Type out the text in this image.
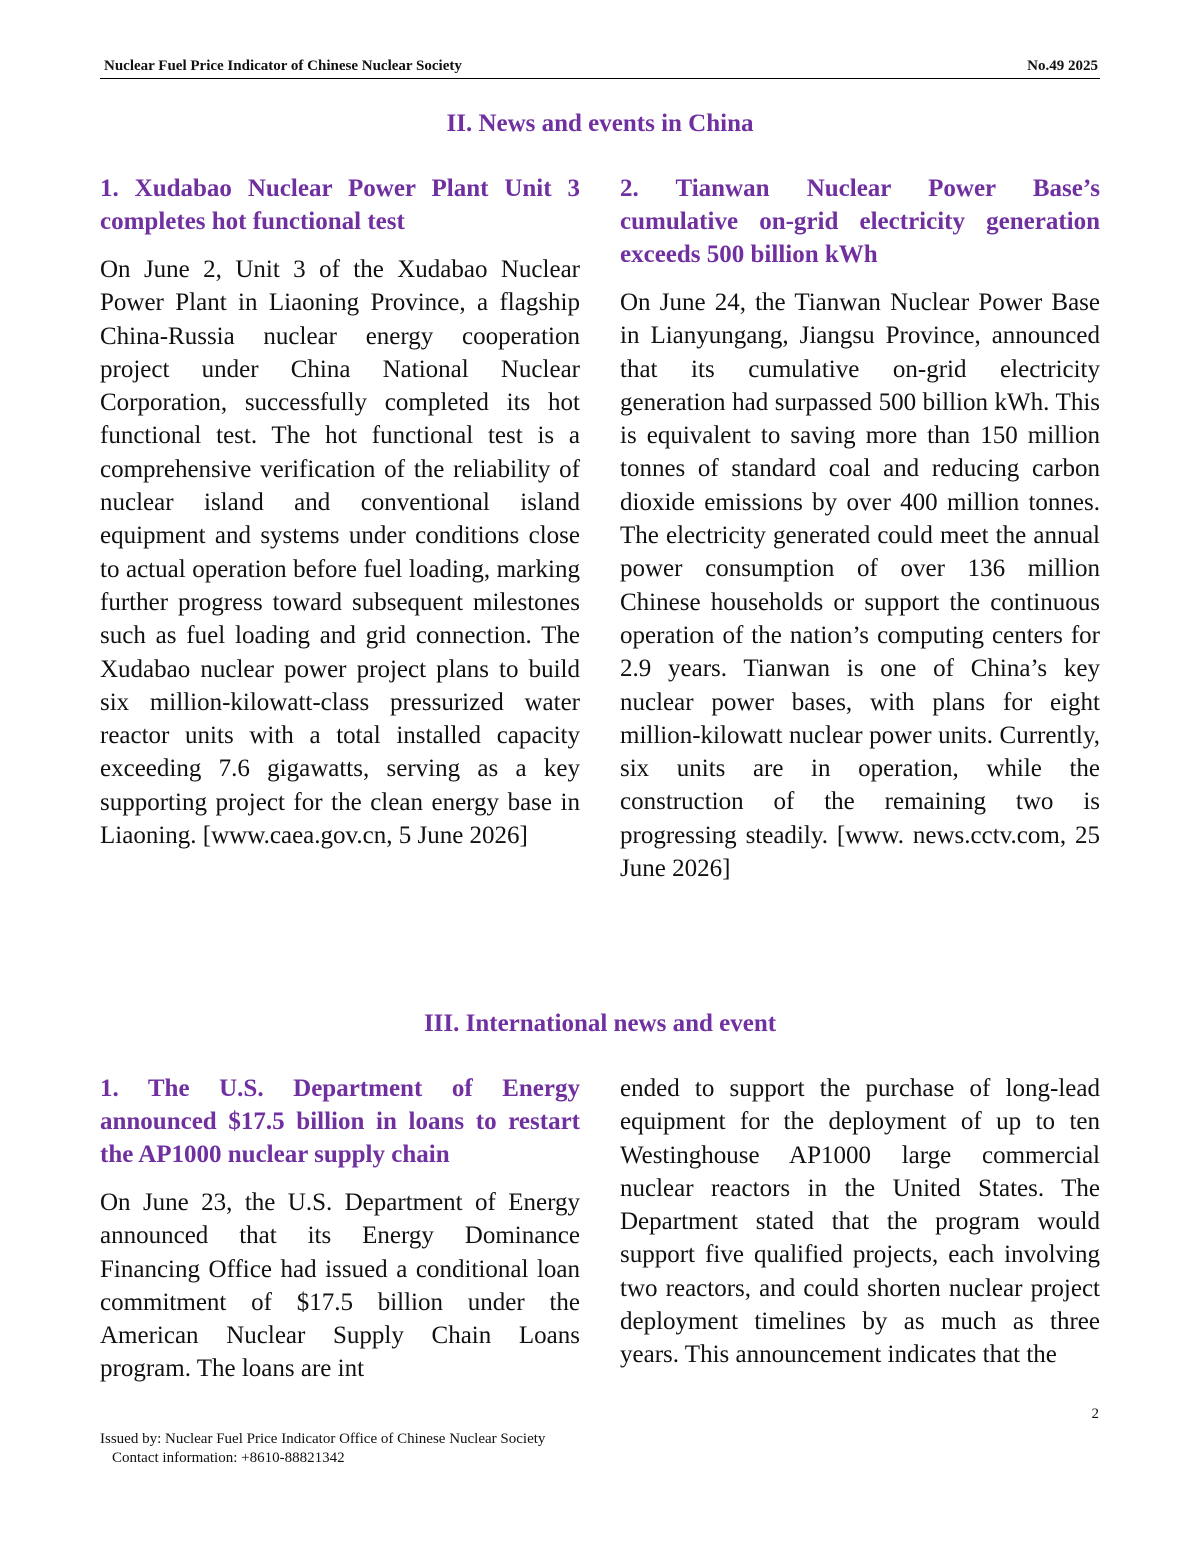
Nuclear Fuel Price Indicator of Chinese Nuclear Society	No.49 2025
II. News and events in China

1. Xudabao Nuclear Power Plant Unit 3 completes hot functional test

On June 2, Unit 3 of the Xudabao Nuclear Power Plant in Liaoning Province, a flagship China-Russia nuclear energy cooperation project under China National Nuclear Corporation, successfully completed its hot functional test. The hot functional test is a comprehensive verification of the reliability of nuclear island and conventional island equipment and systems under conditions close to actual operation before fuel loading, marking further progress toward subsequent milestones such as fuel loading and grid connection. The Xudabao nuclear power project plans to build six million-kilowatt-class pressurized water reactor units with a total installed capacity exceeding 7.6 gigawatts, serving as a key supporting project for the clean energy base in Liaoning. [www.caea.gov.cn, 5 June 2026]

2. Tianwan Nuclear Power Base’s cumulative on-grid electricity generation exceeds 500 billion kWh

On June 24, the Tianwan Nuclear Power Base in Lianyungang, Jiangsu Province, announced that its cumulative on-grid electricity generation had surpassed 500 billion kWh. This is equivalent to saving more than 150 million tonnes of standard coal and reducing carbon dioxide emissions by over 400 million tonnes. The electricity generated could meet the annual power consumption of over 136 million Chinese households or support the continuous operation of the nation’s computing centers for 2.9 years. Tianwan is one of China’s key nuclear power bases, with plans for eight million-kilowatt nuclear power units. Currently, six units are in operation, while the construction of the remaining two is progressing steadily. [www. news.cctv.com, 25 June 2026]

III. International news and event

1. The U.S. Department of Energy announced $17.5 billion in loans to restart the AP1000 nuclear supply chain

On June 23, the U.S. Department of Energy announced that its Energy Dominance Financing Office had issued a conditional loan commitment of $17.5 billion under the American Nuclear Supply Chain Loans program. The loans are int

ended to support the purchase of long-lead equipment for the deployment of up to ten Westinghouse AP1000 large commercial nuclear reactors in the United States. The Department stated that the program would support five qualified projects, each involving two reactors, and could shorten nuclear project deployment timelines by as much as three years. This announcement indicates that the

2
Issued by: Nuclear Fuel Price Indicator Office of Chinese Nuclear Society
Contact information: +8610-88821342
